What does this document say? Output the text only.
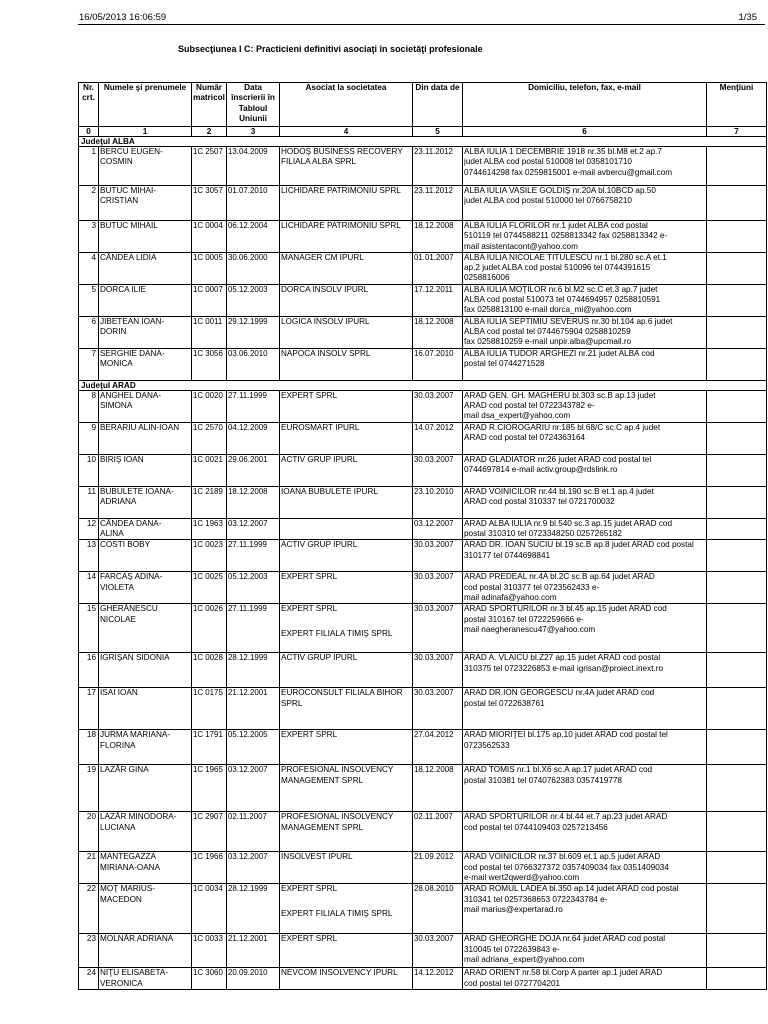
16/05/2013 16:06:59	1/35
Subsecţiunea I C: Practicieni definitivi asociaţi în societăţi profesionale
Nr. crt.	Numele şi prenumele	Număr matricol	Data înscrierii în Tabloul Uniunii	Asociat la societatea	Din data de	Domiciliu, telefon, fax, e-mail	Menţiuni
0	1	2	3	4	5	6	7
Judeţul ALBA							
1	BERCU EUGEN-
COSMIN	1C 2507	13.04.2009	HODOŞ BUSINESS RECOVERY
FILIALA ALBA SPRL	23.11.2012	ALBA IULIA 1 DECEMBRIE 1918 nr.35 bl.M8 et.2 ap.7
judet ALBA cod postal 510008 tel 0358101710
0744614298 fax 0259815001 e-mail avbercu@gmail.com	

2	BUTUC MIHAI-
CRISTIAN	1C 3057	01.07.2010	LICHIDARE PATRIMONIU SPRL	23.11.2012	ALBA IULIA VASILE GOLDIŞ nr.20A bl.10BCD ap.50
judet ALBA cod postal 510000 tel 0766758210	

3	BUTUC MIHAIL	1C 0004	06.12.2004	LICHIDARE PATRIMONIU SPRL	18.12.2008	ALBA IULIA FLORILOR nr.1 judet ALBA cod postal
510119 tel 0744588211 0258813342 fax 0258813342 e-
mail asistentacont@yahoo.com	

4	CÂNDEA LIDIA	1C 0005	30.06.2000	MANAGER CM IPURL	01.01.2007	ALBA IULIA NICOLAE TITULESCU nr.1 bl.280 sc.A et.1
ap.2 judet ALBA cod postal 510096 tel 0744391615
0258816006	

5	DORCA ILIE	1C 0007	05.12.2003	DORCA INSOLV IPURL	17.12.2011	ALBA IULIA MOŢILOR nr.6 bl.M2 sc.C et.3 ap.7 judet
ALBA cod postal 510073 tel 0744694957 0258810591
fax 0258813100 e-mail dorca_mi@yahoo.com	

6	JIBETEAN IOAN-
DORIN	1C 0011	29.12.1999	LOGICA INSOLV IPURL	18.12.2008	ALBA IULIA SEPTIMIU SEVERUS nr.30 bl.104 ap.6 judet
ALBA cod postal tel 0744675904 0258810259
fax 0258810259 e-mail unpir.alba@upcmail.ro	

7	SERGHIE DANA-
MONICA	1C 3056	03.06.2010	NAPOCA INSOLV SPRL	16.07.2010	ALBA IULIA TUDOR ARGHEZI nr.21 judet ALBA cod
postal tel 0744271528	

Judeţul ARAD							
8	ANGHEL DANA-
SIMONA	1C 0020	27.11.1999	EXPERT SPRL	30.03.2007	ARAD GEN. GH. MAGHERU bl.303 sc.B ap.13 judet
ARAD cod postal tel 0722343782 e-
mail dsa_expert@yahoo.com	

9	BERARIU ALIN-IOAN	1C 2570	04.12.2009	EUROSMART IPURL	14.07.2012	ARAD R.CIOROGARIU nr.185 bl.68/C sc.C ap.4 judet
ARAD cod postal tel 0724363164	

10	BIRIŞ IOAN	1C 0021	29.06.2001	ACTIV GRUP IPURL	30.03.2007	ARAD GLADIATOR nr.26 judet ARAD cod postal tel
0744697814 e-mail activ.group@rdslink.ro	

11	BUBULETE IOANA-
ADRIANA	1C 2189	18.12.2008	IOANA BUBULETE IPURL	23.10.2010	ARAD VOINICILOR nr.44 bl.190 sc.B et.1 ap.4 judet
ARAD cod postal 310337 tel 0721700032	

12	CÂNDEA DANA-
ALINA	1C 1963	03.12.2007		03.12.2007	ARAD ALBA IULIA nr.9 bl.540 sc.3 ap.15 judet ARAD cod
postal 310310 tel 0723348250 0257265182	

13	COSTI BOBY	1C 0023	27.11.1999	ACTIV GRUP IPURL	30.03.2007	ARAD DR. IOAN SUCIU bl.19 sc.B ap.8 judet ARAD cod postal
310177 tel 0744698841	

14	FARCAŞ ADINA-
VIOLETA	1C 0025	05.12.2003	EXPERT SPRL	30.03.2007	ARAD PREDEAL nr.4A bl.2C sc.B ap.64 judet ARAD
cod postal 310377 tel 0723562433 e-
mail adinafa@yahoo.com	

15	GHERĂNESCU
NICOLAE	1C 0026	27.11.1999	EXPERT SPRL
EXPERT FILIALA TIMIŞ SPRL	30.03.2007	ARAD SPORTURILOR nr.3 bl.45 ap.15 judet ARAD cod
postal 310167 tel 0722259666 e-
mail naegheranescu47@yahoo.com	

16	IGRIŞAN SIDONIA	1C 0028	28.12.1999	ACTIV GRUP IPURL	30.03.2007	ARAD A. VLAICU bl.Z27 ap.15 judet ARAD cod postal
310375 tel 0723226853 e-mail igrisan@proiect.inext.ro	

17	ISAI IOAN	1C 0175	21.12.2001	EUROCONSULT FILIALA BIHOR
SPRL	30.03.2007	ARAD DR.ION GEORGESCU nr.4A judet ARAD cod
postal tel 0722638761	

18	JURMA MARIANA-
FLORINA	1C 1791	05.12.2005	EXPERT SPRL	27.04.2012	ARAD MIORIŢEI bl.175 ap.10 judet ARAD cod postal tel
0723562533	

19	LAZĂR GINA	1C 1965	03.12.2007	PROFESIONAL INSOLVENCY
MANAGEMENT SPRL	18.12.2008	ARAD TOMIS nr.1 bl.X6 sc.A ap.17 judet ARAD cod
postal 310381 tel 0740762383 0357419778	

20	LAZĂR MINODORA-
LUCIANA	1C 2907	02.11.2007	PROFESIONAL INSOLVENCY
MANAGEMENT SPRL	02.11.2007	ARAD SPORTURILOR nr.4 bl.44 et.7 ap.23 judet ARAD
cod postal tel 0744109403 0257213456	

21	MANTEGAZZA
MIRIANA-OANA	1C 1966	03.12.2007	INSOLVEST IPURL	21.09.2012	ARAD VOINICILOR nr.37 bl.609 et.1 ap.5 judet ARAD
cod postal tel 0766327372 0357409034 fax 0351409034
e-mail wert2qwerd@yahoo.com	

22	MOŢ MARIUS-
MACEDON	1C 0034	28.12.1999	EXPERT SPRL
EXPERT FILIALA TIMIŞ SPRL	28.08.2010	ARAD ROMUL LADEA bl.350 ap.14 judet ARAD cod postal
310341 tel 0257368653 0722343784 e-
mail marius@expertarad.ro	

23	MOLNĂR ADRIANA	1C 0033	21.12.2001	EXPERT SPRL	30.03.2007	ARAD GHEORGHE DOJA nr.64 judet ARAD cod postal
310045 tel 0722639843 e-
mail adriana_expert@yahoo.com	

24	NIŢU ELISABETA-
VERONICA	1C 3060	20.09.2010	NEVCOM INSOLVENCY IPURL	14.12.2012	ARAD ORIENT nr.58 bl.Corp A parter ap.1 judet ARAD
cod postal tel 0727704201	
